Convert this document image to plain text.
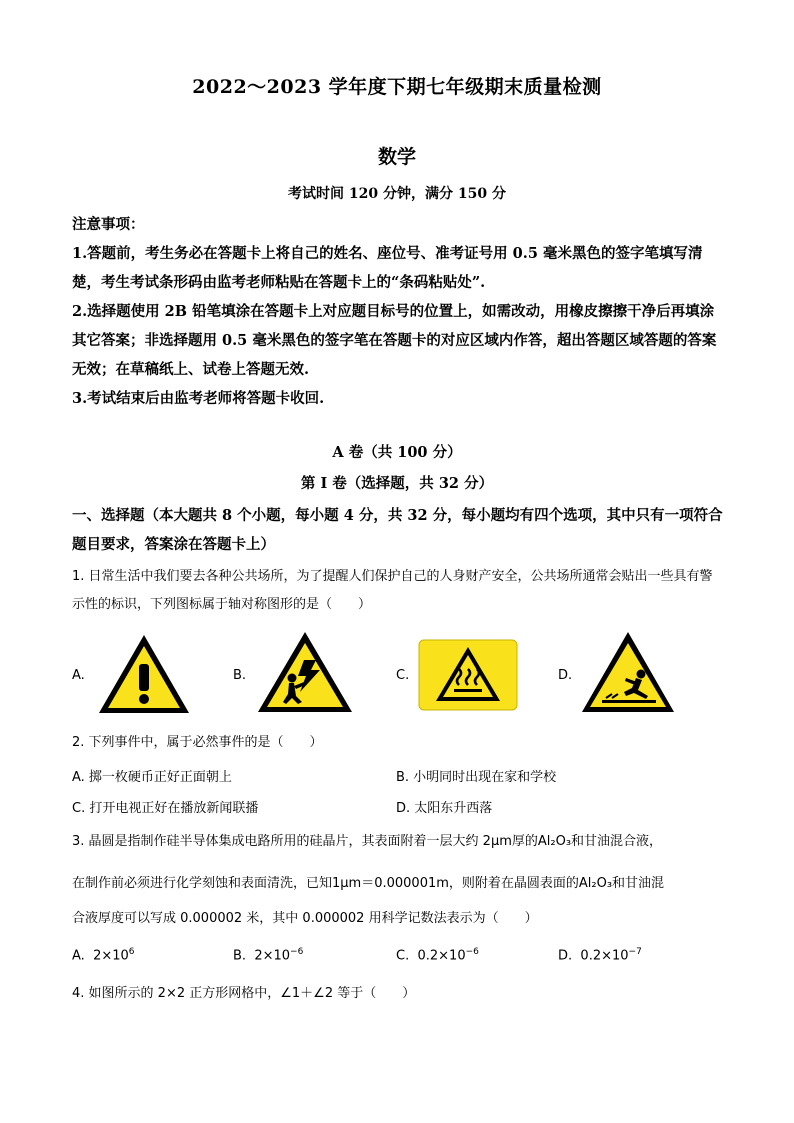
2022～2023 学年度下期七年级期末质量检测
数学
考试时间 120 分钟，满分 150 分

注意事项：

1.答题前，考生务必在答题卡上将自己的姓名、座位号、准考证号用 0.5 毫米黑色的签字笔填写清楚，考生考试条形码由监考老师粘贴在答题卡上的“条码粘贴处”.

2.选择题使用 2B 铅笔填涂在答题卡上对应题目标号的位置上，如需改动，用橡皮擦擦干净后再填涂其它答案；非选择题用 0.5 毫米黑色的签字笔在答题卡的对应区域内作答，超出答题区域答题的答案无效；在草稿纸上、试卷上答题无效.

3.考试结束后由监考老师将答题卡收回.

A 卷（共 100 分）
第 I 卷（选择题，共 32 分）
一、选择题（本大题共 8 个小题，每小题 4 分，共 32 分，每小题均有四个选项，其中只有一项符合题目要求，答案涂在答题卡上）
1. 日常生活中我们要去各种公共场所，为了提醒人们保护自己的人身财产安全，公共场所通常会贴出一些具有警示性的标识，下列图标属于轴对称图形的是（　　）
A.	B.	C.	D.
2. 下列事件中，属于必然事件的是（　　）
A. 掷一枚硬币正好正面朝上	B. 小明同时出现在家和学校
C. 打开电视正好在播放新闻联播	D. 太阳东升西落
3. 晶圆是指制作硅半导体集成电路所用的硅晶片，其表面附着一层大约 2μm厚的Al₂O₃和甘油混合液，
在制作前必须进行化学刻蚀和表面清洗，已知1μm＝0.000001m，则附着在晶圆表面的Al₂O₃和甘油混
合液厚度可以写成 0.000002 米，其中 0.000002 用科学记数法表示为（　　）
A. $2\times 10^6$	B. $2\times 10^{-6}$	C. $0.2\times 10^{-6}$	D. $0.2\times 10^{-7}$
4. 如图所示的 2×2 正方形网格中，∠1＋∠2 等于（　　）
